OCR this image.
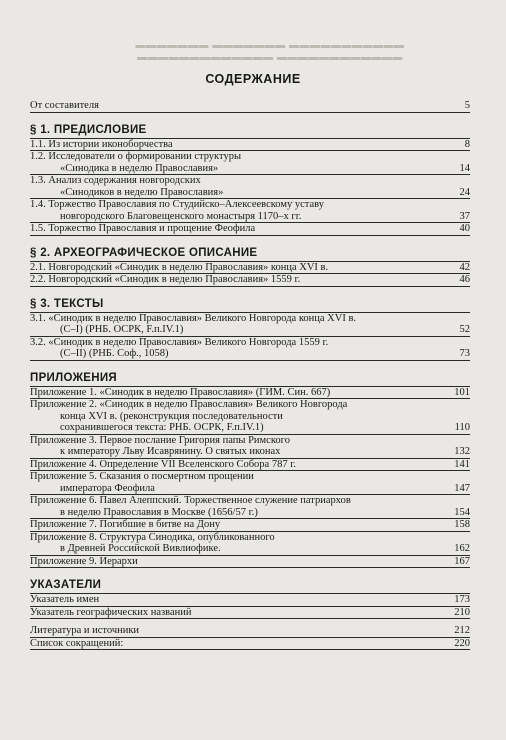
▬▬▬▬▬▬▬ ▬▬▬▬▬▬▬ ▬▬▬▬▬▬▬▬▬▬▬
▬▬▬▬▬▬▬▬▬▬▬▬▬ ▬▬▬▬▬▬▬▬▬▬▬▬
СОДЕРЖАНИЕ
От составителя	5
§ 1. ПРЕДИСЛОВИЕ
1.1. Из истории иконоборчества	8
1.2. Исследователи о формировании структуры
«Синодика в неделю Православия»	14
1.3. Анализ содержания новгородских
«Синодиков в неделю Православия»	24
1.4. Торжество Православия по Студийско–Алексеевскому уставу
новгородского Благовещенского монастыря 1170–х гг.	37
1.5. Торжество Православия и прощение Феофила	40
§ 2. АРХЕОГРАФИЧЕСКОЕ ОПИСАНИЕ
2.1. Новгородский «Синодик в неделю Православия» конца XVI в.	42
2.2. Новгородский «Синодик в неделю Православия» 1559 г.	46
§ 3. ТЕКСТЫ
3.1. «Синодик в неделю Православия» Великого Новгорода конца XVI в.
(С–I) (РНБ. ОСРК, F.п.IV.1)	52
3.2. «Синодик в неделю Православия» Великого Новгорода 1559 г.
(С–II) (РНБ. Соф., 1058)	73
ПРИЛОЖЕНИЯ
Приложение 1. «Синодик в неделю Православия» (ГИМ. Син. 667)	101
Приложение 2. «Синодик в неделю Православия» Великого Новгорода
конца XVI в. (реконструкция последовательности
сохранившегося текста: РНБ. ОСРК, F.п.IV.1)	110
Приложение 3. Первое послание Григория папы Римского
к императору Льву Исаврянину. О святых иконах	132
Приложение 4. Определение VII Вселенского Собора 787 г.	141
Приложение 5. Сказания о посмертном прощении
императора Феофила	147
Приложение 6. Павел Алеппский. Торжественное служение патриархов
в неделю Православия в Москве (1656/57 г.)	154
Приложение 7. Погибшие в битве на Дону	158
Приложение 8. Структура Синодика, опубликованного
в Древней Российской Вивлиофике.	162
Приложение 9. Иерархи	167
УКАЗАТЕЛИ
Указатель имен	173
Указатель географических названий	210
Литература и источники	212
Список сокращений:	220
